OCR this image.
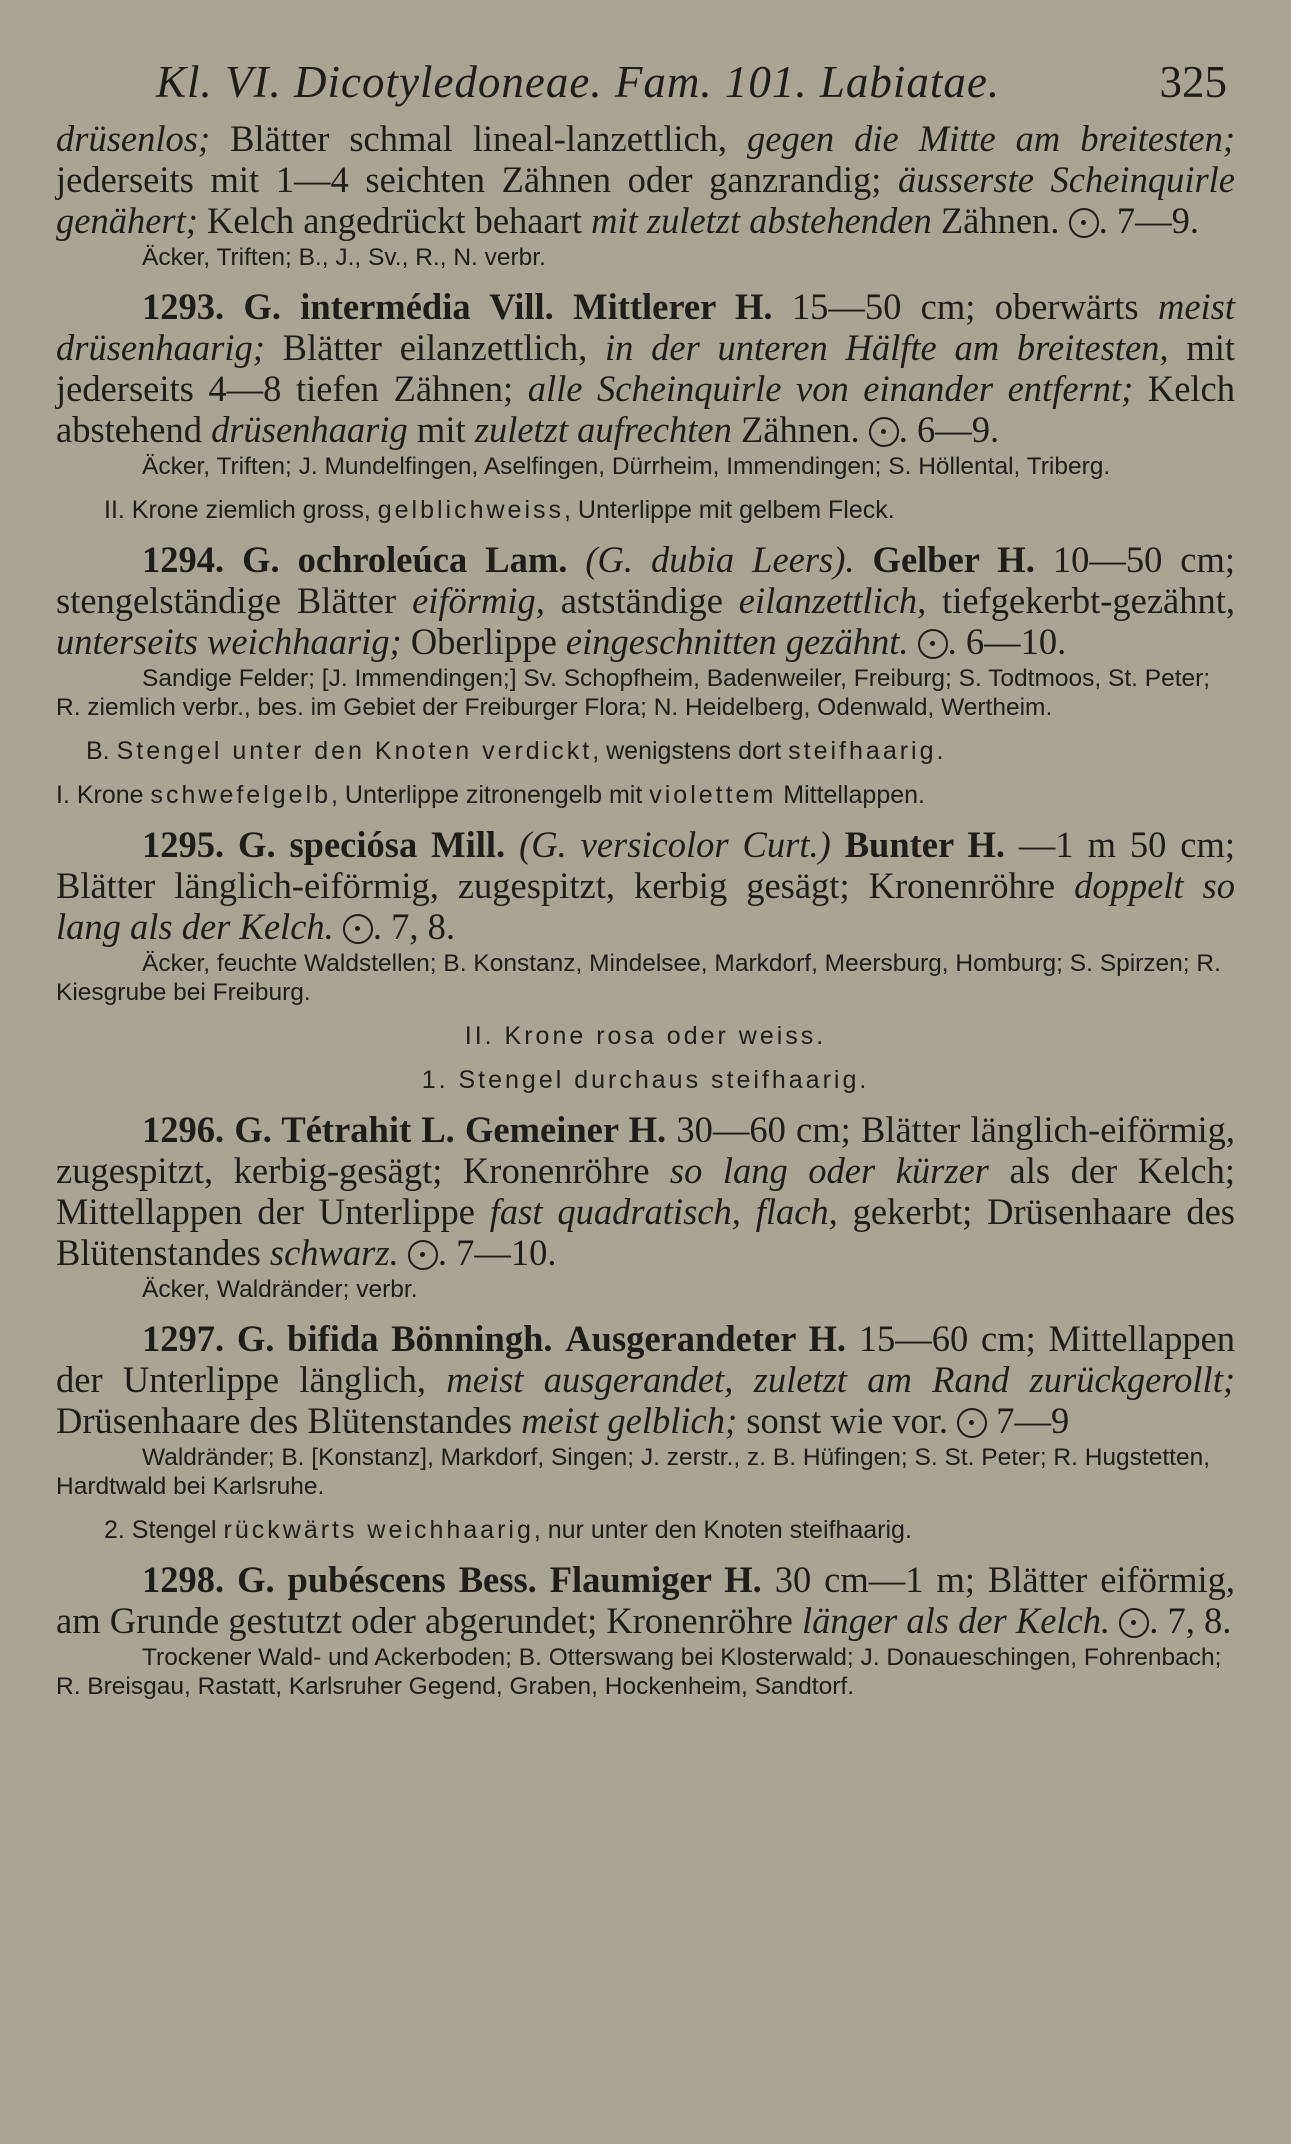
Kl. VI. Dicotyledoneae. Fam. 101. Labiatae.	325

drüsenlos; Blätter schmal lineal-lanzettlich, gegen die Mitte am breitesten; jederseits mit 1—4 seichten Zähnen oder ganzrandig; äusserste Scheinquirle genähert; Kelch angedrückt behaart mit zuletzt abstehenden Zähnen. . 7—9.

Äcker, Triften; B., J., Sv., R., N. verbr.

1293. G. intermédia Vill. Mittlerer H. 15—50 cm; oberwärts meist drüsenhaarig; Blätter eilanzettlich, in der unteren Hälfte am breitesten, mit jederseits 4—8 tiefen Zähnen; alle Scheinquirle von einander entfernt; Kelch abstehend drüsenhaarig mit zuletzt aufrechten Zähnen. . 6—9.

Äcker, Triften; J. Mundelfingen, Aselfingen, Dürrheim, Immendingen; S. Höllental, Triberg.

II. Krone ziemlich gross, gelblichweiss, Unterlippe mit gelbem Fleck.

1294. G. ochroleúca Lam. (G. dubia Leers). Gelber H. 10—50 cm; stengelständige Blätter eiförmig, astständige eilanzettlich, tiefgekerbt-gezähnt, unterseits weichhaarig; Oberlippe eingeschnitten gezähnt. . 6—10.

Sandige Felder; [J. Immendingen;] Sv. Schopfheim, Badenweiler, Freiburg; S. Todtmoos, St. Peter; R. ziemlich verbr., bes. im Gebiet der Freiburger Flora; N. Heidelberg, Odenwald, Wertheim.

B. Stengel unter den Knoten verdickt, wenigstens dort steifhaarig.

I. Krone schwefelgelb, Unterlippe zitronengelb mit violettem Mittellappen.

1295. G. speciósa Mill. (G. versicolor Curt.) Bunter H. —1 m 50 cm; Blätter länglich-eiförmig, zugespitzt, kerbig gesägt; Kronenröhre doppelt so lang als der Kelch. . 7, 8.

Äcker, feuchte Waldstellen; B. Konstanz, Mindelsee, Markdorf, Meersburg, Homburg; S. Spirzen; R. Kiesgrube bei Freiburg.

II. Krone rosa oder weiss.

1. Stengel durchaus steifhaarig.

1296. G. Tétrahit L. Gemeiner H. 30—60 cm; Blätter länglich-eiförmig, zugespitzt, kerbig-gesägt; Kronenröhre so lang oder kürzer als der Kelch; Mittellappen der Unterlippe fast quadratisch, flach, gekerbt; Drüsenhaare des Blütenstandes schwarz. . 7—10.

Äcker, Waldränder; verbr.

1297. G. bifida Bönningh. Ausgerandeter H. 15—60 cm; Mittellappen der Unterlippe länglich, meist ausgerandet, zuletzt am Rand zurückgerollt; Drüsenhaare des Blütenstandes meist gelblich; sonst wie vor.  7—9

Waldränder; B. [Konstanz], Markdorf, Singen; J. zerstr., z. B. Hüfingen; S. St. Peter; R. Hugstetten, Hardtwald bei Karlsruhe.

2. Stengel rückwärts weichhaarig, nur unter den Knoten steifhaarig.

1298. G. pubéscens Bess. Flaumiger H. 30 cm—1 m; Blätter eiförmig, am Grunde gestutzt oder abgerundet; Kronenröhre länger als der Kelch. . 7, 8.

Trockener Wald- und Ackerboden; B. Otterswang bei Klosterwald; J. Donaueschingen, Fohrenbach; R. Breisgau, Rastatt, Karlsruher Gegend, Graben, Hockenheim, Sandtorf.
